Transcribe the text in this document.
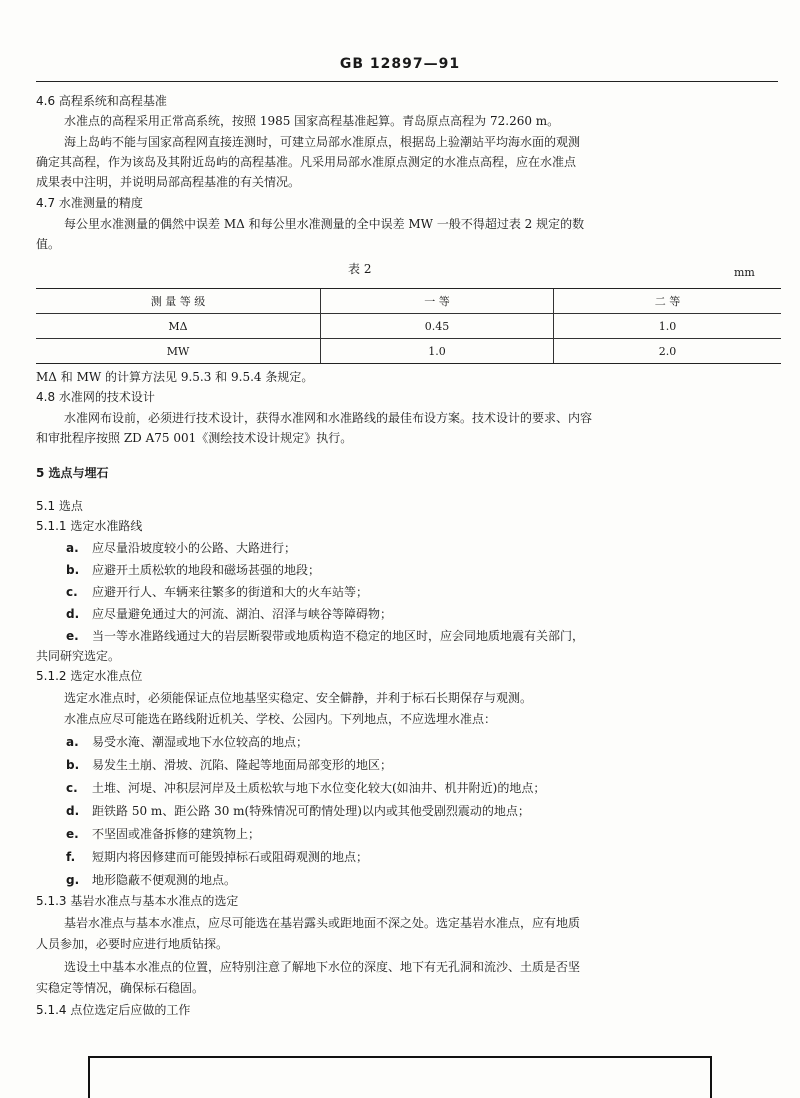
GB 12897—91
4.6 高程系统和高程基准
水准点的高程采用正常高系统，按照 1985 国家高程基准起算。青岛原点高程为 72.260 m。
海上岛屿不能与国家高程网直接连测时，可建立局部水准原点，根据岛上验潮站平均海水面的观测
确定其高程，作为该岛及其附近岛屿的高程基准。凡采用局部水准原点测定的水准点高程，应在水准点
成果表中注明，并说明局部高程基准的有关情况。
4.7 水准测量的精度
每公里水准测量的偶然中误差 MΔ 和每公里水准测量的全中误差 MW 一般不得超过表 2 规定的数
值。
表 2	mm
测 量 等 级	一 等	二 等
MΔ	0.45	1.0
MW	1.0	2.0
MΔ 和 MW 的计算方法见 9.5.3 和 9.5.4 条规定。
4.8 水准网的技术设计
水准网布设前，必须进行技术设计，获得水准网和水准路线的最佳布设方案。技术设计的要求、内容
和审批程序按照 ZD A75 001《测绘技术设计规定》执行。
5 选点与埋石
5.1 选点
5.1.1 选定水准路线
a. 应尽量沿坡度较小的公路、大路进行；
b. 应避开土质松软的地段和磁场甚强的地段；
c. 应避开行人、车辆来往繁多的街道和大的火车站等；
d. 应尽量避免通过大的河流、湖泊、沼泽与峡谷等障碍物；
e. 当一等水准路线通过大的岩层断裂带或地质构造不稳定的地区时，应会同地质地震有关部门，
共同研究选定。
5.1.2 选定水准点位
选定水准点时，必须能保证点位地基坚实稳定、安全僻静，并利于标石长期保存与观测。
水准点应尽可能选在路线附近机关、学校、公园内。下列地点，不应选埋水准点：
a. 易受水淹、潮湿或地下水位较高的地点；
b. 易发生土崩、滑坡、沉陷、隆起等地面局部变形的地区；
c. 土堆、河堤、冲积层河岸及土质松软与地下水位变化较大(如油井、机井附近)的地点；
d. 距铁路 50 m、距公路 30 m(特殊情况可酌情处理)以内或其他受剧烈震动的地点；
e. 不坚固或准备拆修的建筑物上；
f. 短期内将因修建而可能毁掉标石或阻碍观测的地点；
g. 地形隐蔽不便观测的地点。
5.1.3 基岩水准点与基本水准点的选定
基岩水准点与基本水准点，应尽可能选在基岩露头或距地面不深之处。选定基岩水准点，应有地质
人员参加，必要时应进行地质钻探。
选设土中基本水准点的位置，应特别注意了解地下水位的深度、地下有无孔洞和流沙、土质是否坚
实稳定等情况，确保标石稳固。
5.1.4 点位选定后应做的工作
